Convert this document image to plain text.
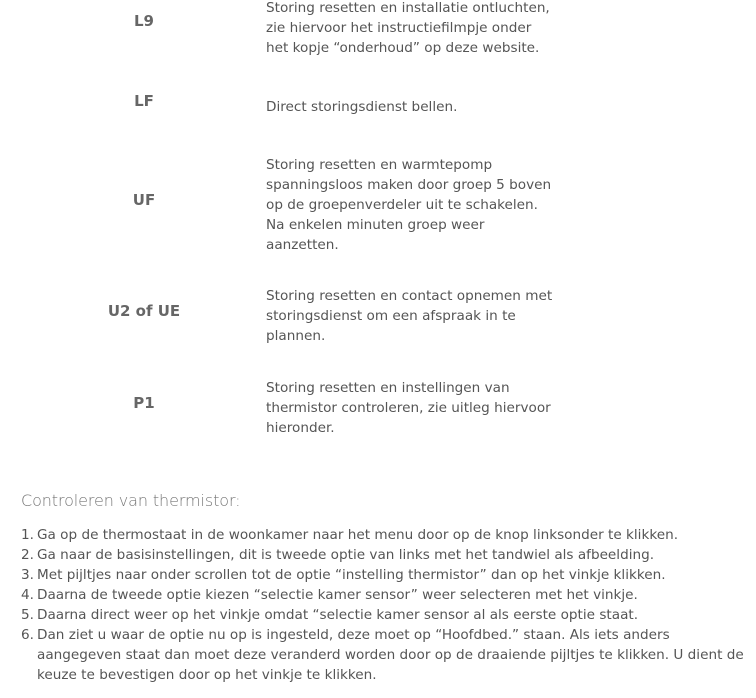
L9
Storing resetten en installatie ontluchten, zie hiervoor het instructiefilmpje onder het kopje “onderhoud” op deze website.
LF	Direct storingsdienst bellen.
UF
Storing resetten en warmtepomp spanningsloos maken door groep 5 boven op de groepenverdeler uit te schakelen. Na enkelen minuten groep weer aanzetten.
U2 of UE
Storing resetten en contact opnemen met storingsdienst om een afspraak in te plannen.
P1
Storing resetten en instellingen van thermistor controleren, zie uitleg hiervoor hieronder.
Controleren van thermistor:
1. Ga op de thermostaat in de woonkamer naar het menu door op de knop linksonder te klikken.
2. Ga naar de basisinstellingen, dit is tweede optie van links met het tandwiel als afbeelding.
3. Met pijltjes naar onder scrollen tot de optie “instelling thermistor” dan op het vinkje klikken.
4. Daarna de tweede optie kiezen “selectie kamer sensor” weer selecteren met het vinkje.
5. Daarna direct weer op het vinkje omdat “selectie kamer sensor al als eerste optie staat.
6. Dan ziet u waar de optie nu op is ingesteld, deze moet op “Hoofdbed.” staan. Als iets anders aangegeven staat dan moet deze veranderd worden door op de draaiende pijltjes te klikken. U dient de keuze te bevestigen door op het vinkje te klikken.
